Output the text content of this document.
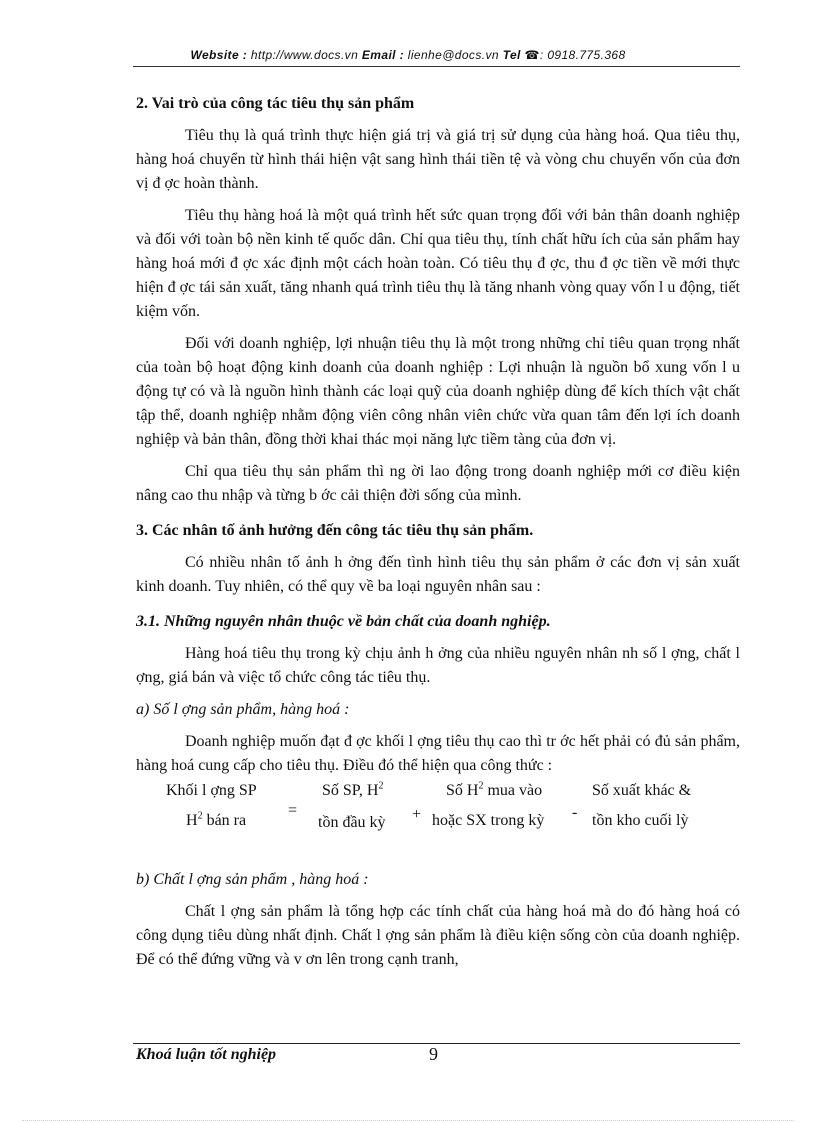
Website : http://www.docs.vn Email : lienhe@docs.vn Tel ☎: 0918.775.368

2. Vai trò của công tác tiêu thụ sản phẩm

Tiêu thụ là quá trình thực hiện giá trị và giá trị sử dụng của hàng hoá. Qua tiêu thụ, hàng hoá chuyển từ hình thái hiện vật sang hình thái tiền tệ và vòng chu chuyển vốn của đơn vị đ ợc hoàn thành.

Tiêu thụ hàng hoá là một quá trình hết sức quan trọng đối với bản thân doanh nghiệp và đối với toàn bộ nền kinh tế quốc dân. Chỉ qua tiêu thụ, tính chất hữu ích của sản phẩm hay hàng hoá mới đ ợc xác định một cách hoàn toàn. Có tiêu thụ đ ợc, thu đ ợc tiền về mới thực hiện đ ợc tái sản xuất, tăng nhanh quá trình tiêu thụ là tăng nhanh vòng quay vốn l u động, tiết kiệm vốn.

Đối với doanh nghiệp, lợi nhuận tiêu thụ là một trong những chỉ tiêu quan trọng nhất của toàn bộ hoạt động kinh doanh của doanh nghiệp : Lợi nhuận là nguồn bổ xung vốn l u động tự có và là nguồn hình thành các loại quỹ của doanh nghiệp dùng để kích thích vật chất tập thể, doanh nghiệp nhằm động viên công nhân viên chức vừa quan tâm đến lợi ích doanh nghiệp và bản thân, đồng thời khai thác mọi năng lực tiềm tàng của đơn vị.

Chỉ qua tiêu thụ sản phẩm thì ng ời lao động trong doanh nghiệp mới cơ điều kiện nâng cao thu nhập và từng b ớc cải thiện đời sống của mình.

3. Các nhân tố ảnh hưởng đến công tác tiêu thụ sản phẩm.

Có nhiều nhân tố ảnh h ởng đến tình hình tiêu thụ sản phẩm ở các đơn vị sản xuất kinh doanh. Tuy nhiên, có thể quy về ba loại nguyên nhân sau :

3.1. Những nguyên nhân thuộc về bản chất của doanh nghiệp.

Hàng hoá tiêu thụ trong kỳ chịu ảnh h ởng của nhiều nguyên nhân nh số l ợng, chất l ợng, giá bán và việc tổ chức công tác tiêu thụ.

a) Số l ợng sản phẩm, hàng hoá :

Doanh nghiệp muốn đạt đ ợc khối l ợng tiêu thụ cao thì tr ớc hết phải có đủ sản phẩm, hàng hoá cung cấp cho tiêu thụ. Điều đó thể hiện qua công thức :

Khối l ợng SP
$H^2$ bán ra
=
Số SP, $H^2$
tồn đầu kỳ +
Số $H^2$ mua vào
hoặc SX trong kỳ -
Số xuất khác &
tồn kho cuối lỳ

b) Chất l ợng sản phẩm , hàng hoá :

Chất l ợng sản phẩm là tổng hợp các tính chất của hàng hoá mà do đó hàng hoá có công dụng tiêu dùng nhất định. Chất l ợng sản phẩm là điều kiện sống còn của doanh nghiệp. Để có thể đứng vững và v ơn lên trong cạnh tranh,

Khoá luận tốt nghiệp	9
